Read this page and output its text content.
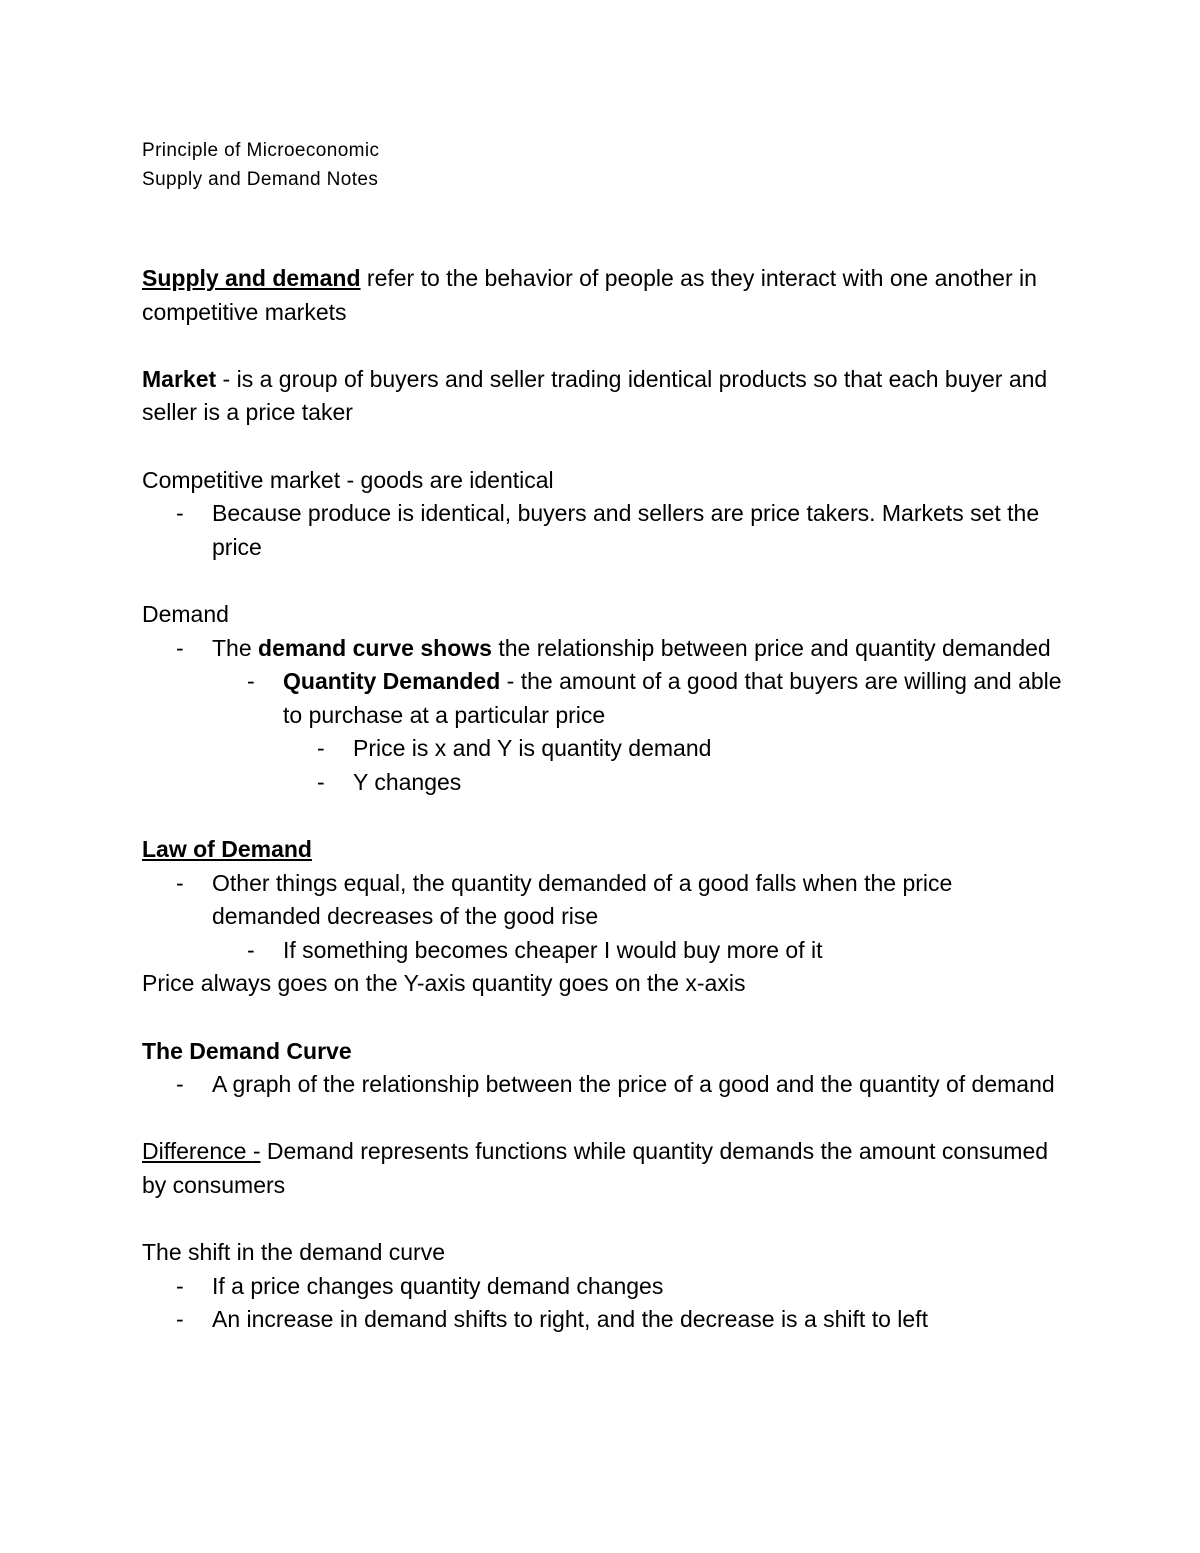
Principle of Microeconomic
Supply and Demand Notes
Supply and demand refer to the behavior of people as they interact with one another in competitive markets
Market - is a group of buyers and seller trading identical products so that each buyer and seller is a price taker
Competitive market - goods are identical
- Because produce is identical, buyers and sellers are price takers. Markets set the price
Demand
- The demand curve shows the relationship between price and quantity demanded
- Quantity Demanded - the amount of a good that buyers are willing and able to purchase at a particular price
- Price is x and Y is quantity demand
- Y changes
Law of Demand
- Other things equal, the quantity demanded of a good falls when the price demanded decreases of the good rise
- If something becomes cheaper I would buy more of it
Price always goes on the Y-axis quantity goes on the x-axis
The Demand Curve
- A graph of the relationship between the price of a good and the quantity of demand
Difference - Demand represents functions while quantity demands the amount consumed by consumers
The shift in the demand curve
- If a price changes quantity demand changes
- An increase in demand shifts to right, and the decrease is a shift to left
